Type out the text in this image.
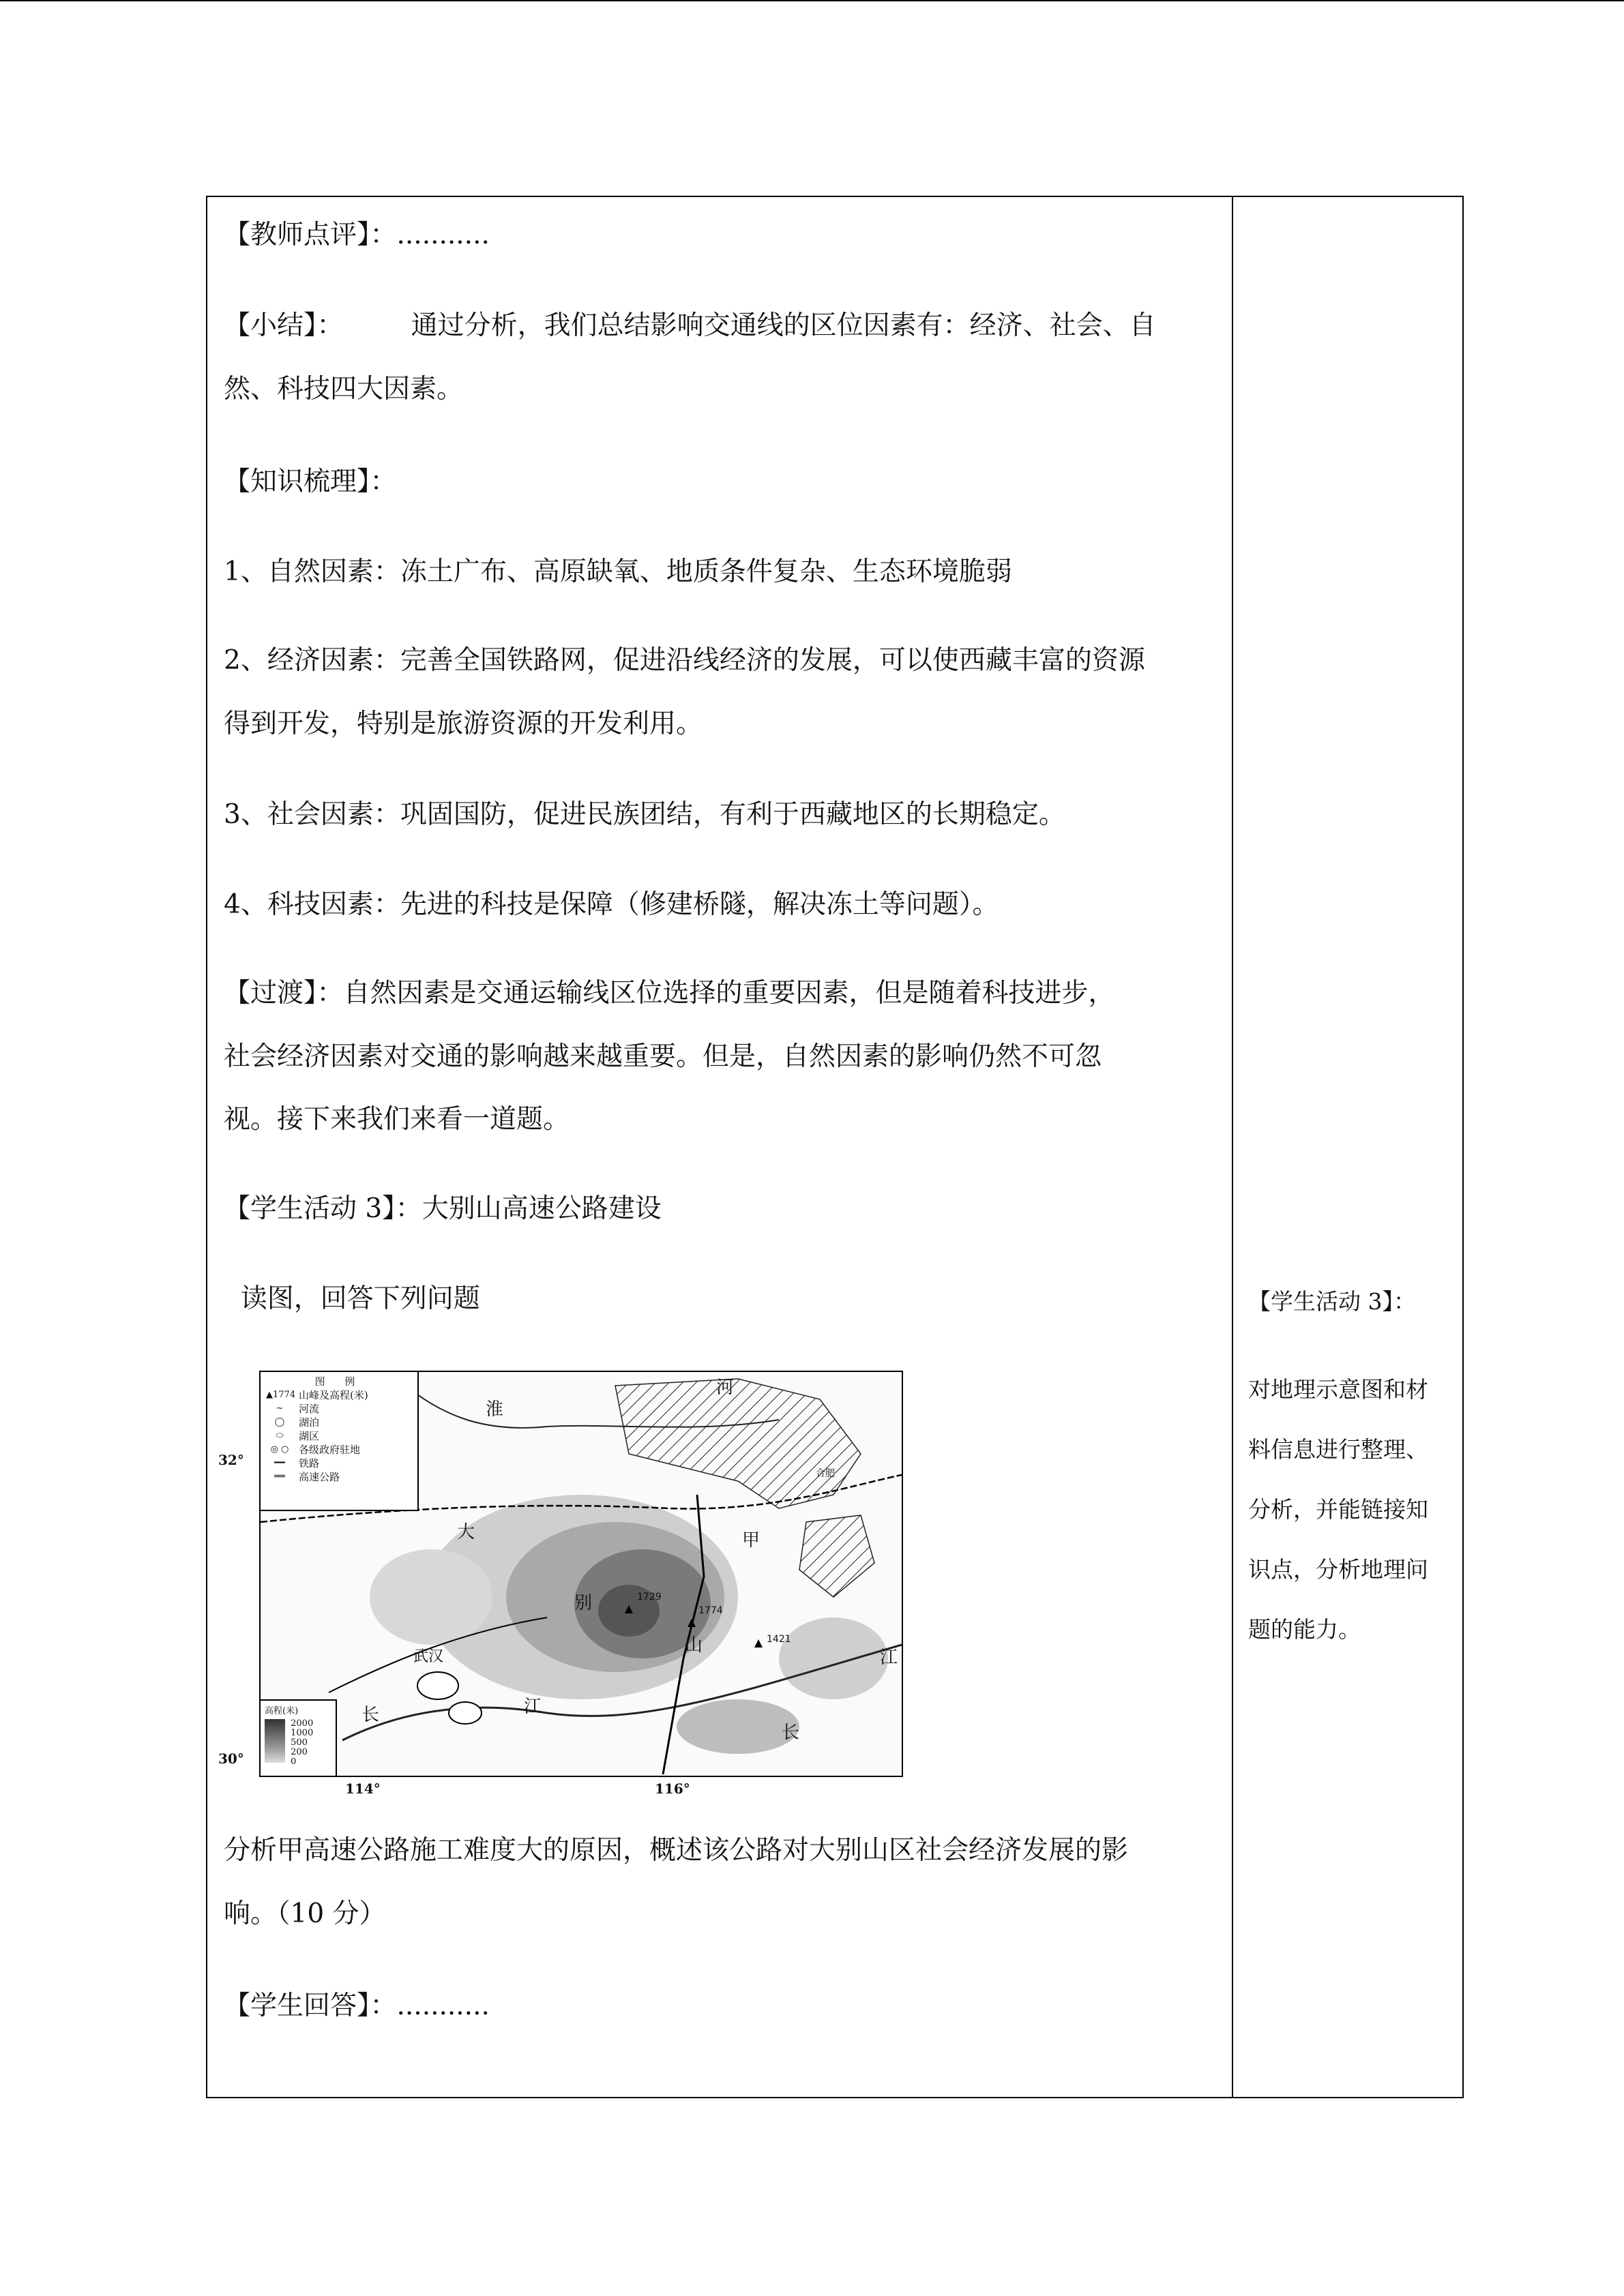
【教师点评】：...........

【小结】：        通过分析，我们总结影响交通线的区位因素有：经济、社会、自

然、科技四大因素。

【知识梳理】：

1、自然因素：冻土广布、高原缺氧、地质条件复杂、生态环境脆弱

2、经济因素：完善全国铁路网，促进沿线经济的发展，可以使西藏丰富的资源

得到开发，特别是旅游资源的开发利用。

3、社会因素：巩固国防，促进民族团结，有利于西藏地区的长期稳定。

4、科技因素：先进的科技是保障（修建桥隧，解决冻土等问题）。

【过渡】：自然因素是交通运输线区位选择的重要因素，但是随着科技进步，

社会经济因素对交通的影响越来越重要。但是，自然因素的影响仍然不可忽

视。接下来我们来看一道题。

【学生活动 3】：大别山高速公路建设

读图，回答下列问题

32°
30°
114°	116°
图 例
▲1774 山峰及高程(米)
∼	河流
◯	湖泊
⬭	湖区
◎ ○ 各级政府驻地
━━	铁路
══	高速公路
高程(米)

2000
1000
500
200
0
淮
河
大	甲
别
山
武汉
长	江
长
江
合肥
1729
1774
1421

分析甲高速公路施工难度大的原因，概述该公路对大别山区社会经济发展的影

响。（10 分）

【学生回答】：...........

【学生活动 3】：

对地理示意图和材

料信息进行整理、

分析，并能链接知

识点，分析地理问

题的能力。
